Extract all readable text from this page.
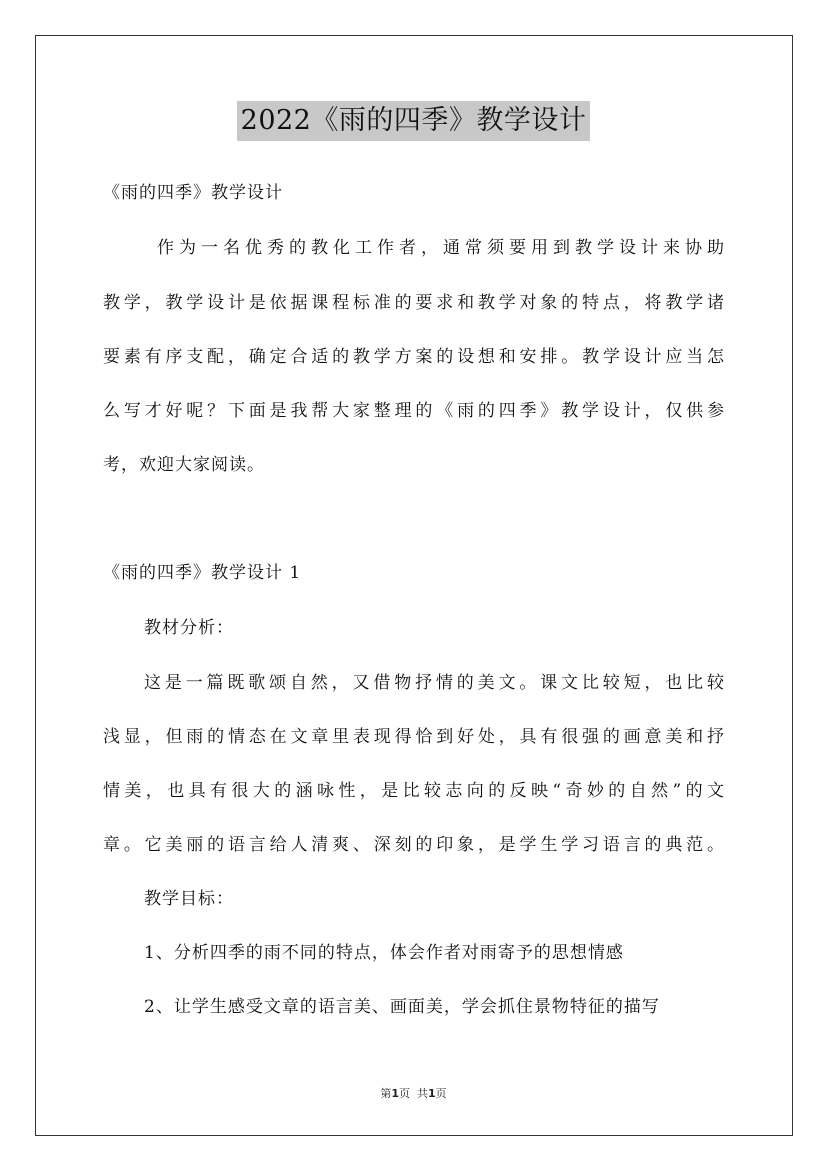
2022《雨的四季》教学设计
《雨的四季》教学设计
作为一名优秀的教化工作者，通常须要用到教学设计来协助
教学，教学设计是依据课程标准的要求和教学对象的特点，将教学诸
要素有序支配，确定合适的教学方案的设想和安排。教学设计应当怎
么写才好呢？下面是我帮大家整理的《雨的四季》教学设计，仅供参
考，欢迎大家阅读。
《雨的四季》教学设计 1
教材分析：
这是一篇既歌颂自然，又借物抒情的美文。课文比较短，也比较
浅显，但雨的情态在文章里表现得恰到好处，具有很强的画意美和抒
情美，也具有很大的涵咏性，是比较志向的反映“奇妙的自然”的文
章。它美丽的语言给人清爽、深刻的印象，是学生学习语言的典范。
教学目标：
1、分析四季的雨不同的特点，体会作者对雨寄予的思想情感
2、让学生感受文章的语言美、画面美，学会抓住景物特征的描写
第1页 共1页
